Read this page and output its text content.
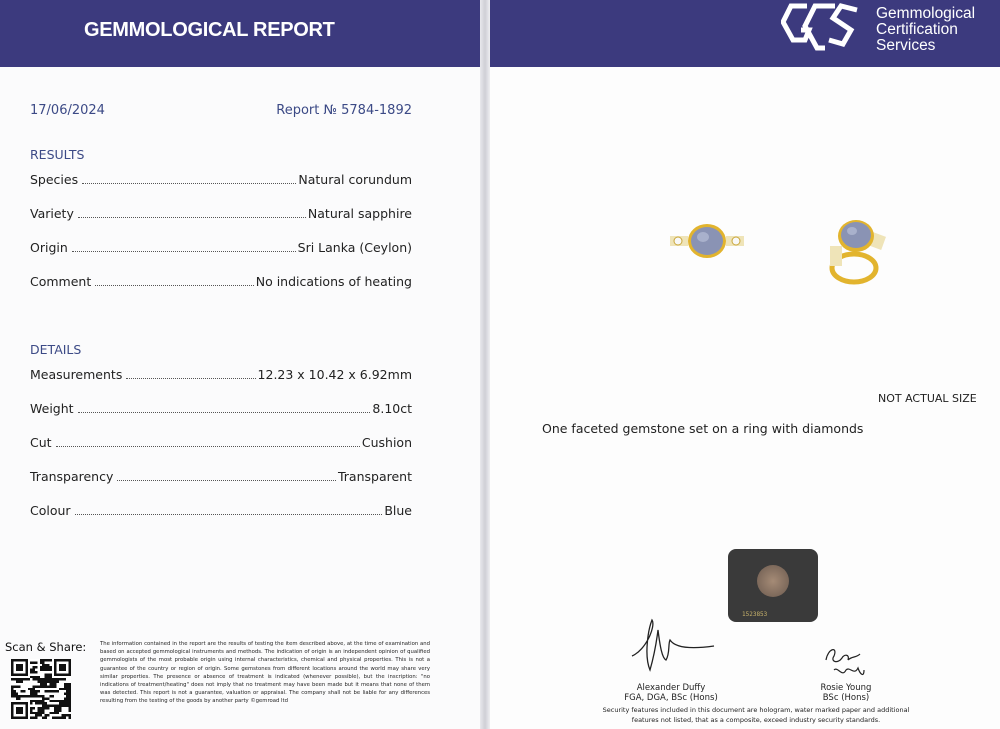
GEMMOLOGICAL REPORT
17/06/2024	Report № 5784-1892
RESULTS
Species	Natural corundum
Variety	Natural sapphire
Origin	Sri Lanka (Ceylon)
Comment	No indications of heating
DETAILS
Measurements	12.23 x 10.42 x 6.92mm
Weight	8.10ct
Cut	Cushion
Transparency	Transparent
Colour	Blue
Scan & Share:	The information contained in the report are the results of testing the item described above, at the time of examination and based on accepted gemmological instruments and methods. The indication of origin is an independent opinion of qualified gemmologists of the most probable origin using internal characteristics, chemical and physical properties. This is not a guarantee of the country or region of origin. Some gemstones from different locations around the world may share very similar properties. The presence or absence of treatment is indicated (whenever possible), but the inscription: "no indications of treatment/heating" does not imply that no treatment may have been made but it means that none of them was detected. This report is not a guarantee, valuation or appraisal. The company shall not be liable for any differences resulting from the testing of the goods by another party ©gemroad ltd
Gemmological
Certification
Services
NOT ACTUAL SIZE
One faceted gemstone set on a ring with diamonds
1523853
Alexander Duffy
FGA, DGA, BSc (Hons)
Rosie Young
BSc (Hons)
Security features included in this document are hologram, water marked paper and additional features not listed, that as a composite, exceed industry security standards.
